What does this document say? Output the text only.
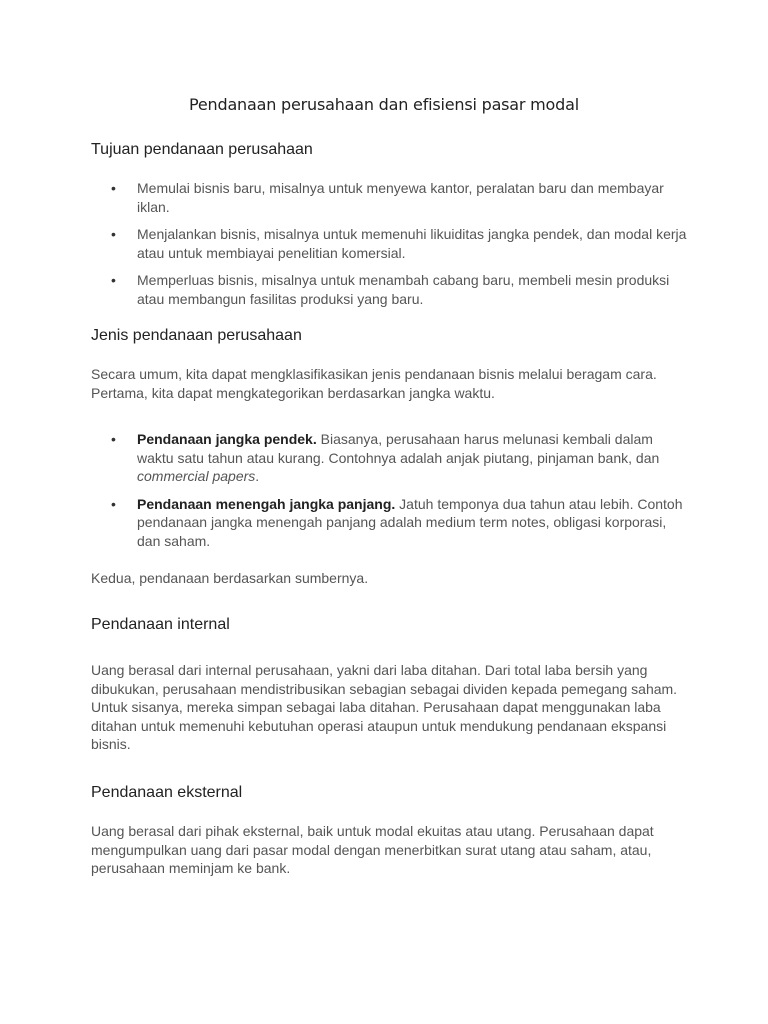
Pendanaan perusahaan dan efisiensi pasar modal
Tujuan pendanaan perusahaan
• Memulai bisnis baru, misalnya untuk menyewa kantor, peralatan baru dan membayar iklan.
• Menjalankan bisnis, misalnya untuk memenuhi likuiditas jangka pendek, dan modal kerja atau untuk membiayai penelitian komersial.
• Memperluas bisnis, misalnya untuk menambah cabang baru, membeli mesin produksi atau membangun fasilitas produksi yang baru.
Jenis pendanaan perusahaan

Secara umum, kita dapat mengklasifikasikan jenis pendanaan bisnis melalui beragam cara. Pertama, kita dapat mengkategorikan berdasarkan jangka waktu.

• Pendanaan jangka pendek. Biasanya, perusahaan harus melunasi kembali dalam waktu satu tahun atau kurang. Contohnya adalah anjak piutang, pinjaman bank, dan commercial papers.
• Pendanaan menengah jangka panjang. Jatuh temponya dua tahun atau lebih. Contoh pendanaan jangka menengah panjang adalah medium term notes, obligasi korporasi, dan saham.

Kedua, pendanaan berdasarkan sumbernya.

Pendanaan internal

Uang berasal dari internal perusahaan, yakni dari laba ditahan. Dari total laba bersih yang dibukukan, perusahaan mendistribusikan sebagian sebagai dividen kepada pemegang saham. Untuk sisanya, mereka simpan sebagai laba ditahan. Perusahaan dapat menggunakan laba ditahan untuk memenuhi kebutuhan operasi ataupun untuk mendukung pendanaan ekspansi bisnis.

Pendanaan eksternal

Uang berasal dari pihak eksternal, baik untuk modal ekuitas atau utang. Perusahaan dapat mengumpulkan uang dari pasar modal dengan menerbitkan surat utang atau saham, atau, perusahaan meminjam ke bank.
